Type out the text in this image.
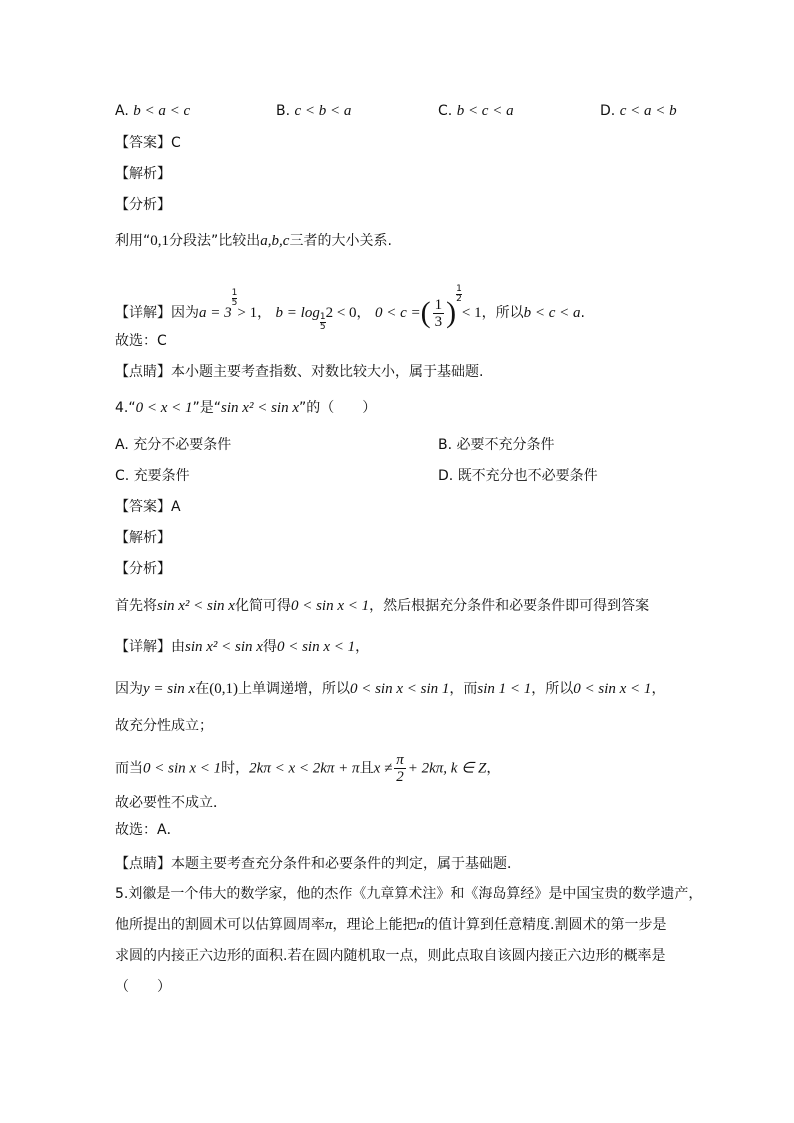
A. b < a < c	B. c < b < a	C. b < c < a	D. c < a < b
【答案】C
【解析】
【分析】
利用“0,1分段法”比较出a,b,c三者的大小关系.
【详解】因为a = 3
$\frac{1}{5}$
> 1， $b = \log \frac{1}{5} 2 < 0$， 0 < c =( $\frac{1}{3}$ )
$\frac{1}{2}$
< 1，所以b < c < a.
故选：C
【点睛】本小题主要考查指数、对数比较大小，属于基础题.
4.“0 < x < 1”是“sin x² < sin x”的（　　）
A. 充分不必要条件	B. 必要不充分条件
C. 充要条件	D. 既不充分也不必要条件
【答案】A
【解析】
【分析】
首先将sin x² < sin x化简可得0 < sin x < 1，然后根据充分条件和必要条件即可得到答案
【详解】由sin x² < sin x得0 < sin x < 1，
因为y = sin x在(0,1)上单调递增，所以0 < sin x < sin 1，而sin 1 < 1，所以0 < sin x < 1，
故充分性成立；
而当0 < sin x < 1时，2kπ < x < 2kπ + π且$x \ne \frac{\pi}{2} + 2k\pi$, k ∈ Z，
故必要性不成立．
故选：A．
【点睛】本题主要考查充分条件和必要条件的判定，属于基础题．
5.刘徽是一个伟大的数学家，他的杰作《九章算术注》和《海岛算经》是中国宝贵的数学遗产，
他所提出的割圆术可以估算圆周率π，理论上能把π的值计算到任意精度.割圆术的第一步是
求圆的内接正六边形的面积.若在圆内随机取一点，则此点取自该圆内接正六边形的概率是
（　　）
